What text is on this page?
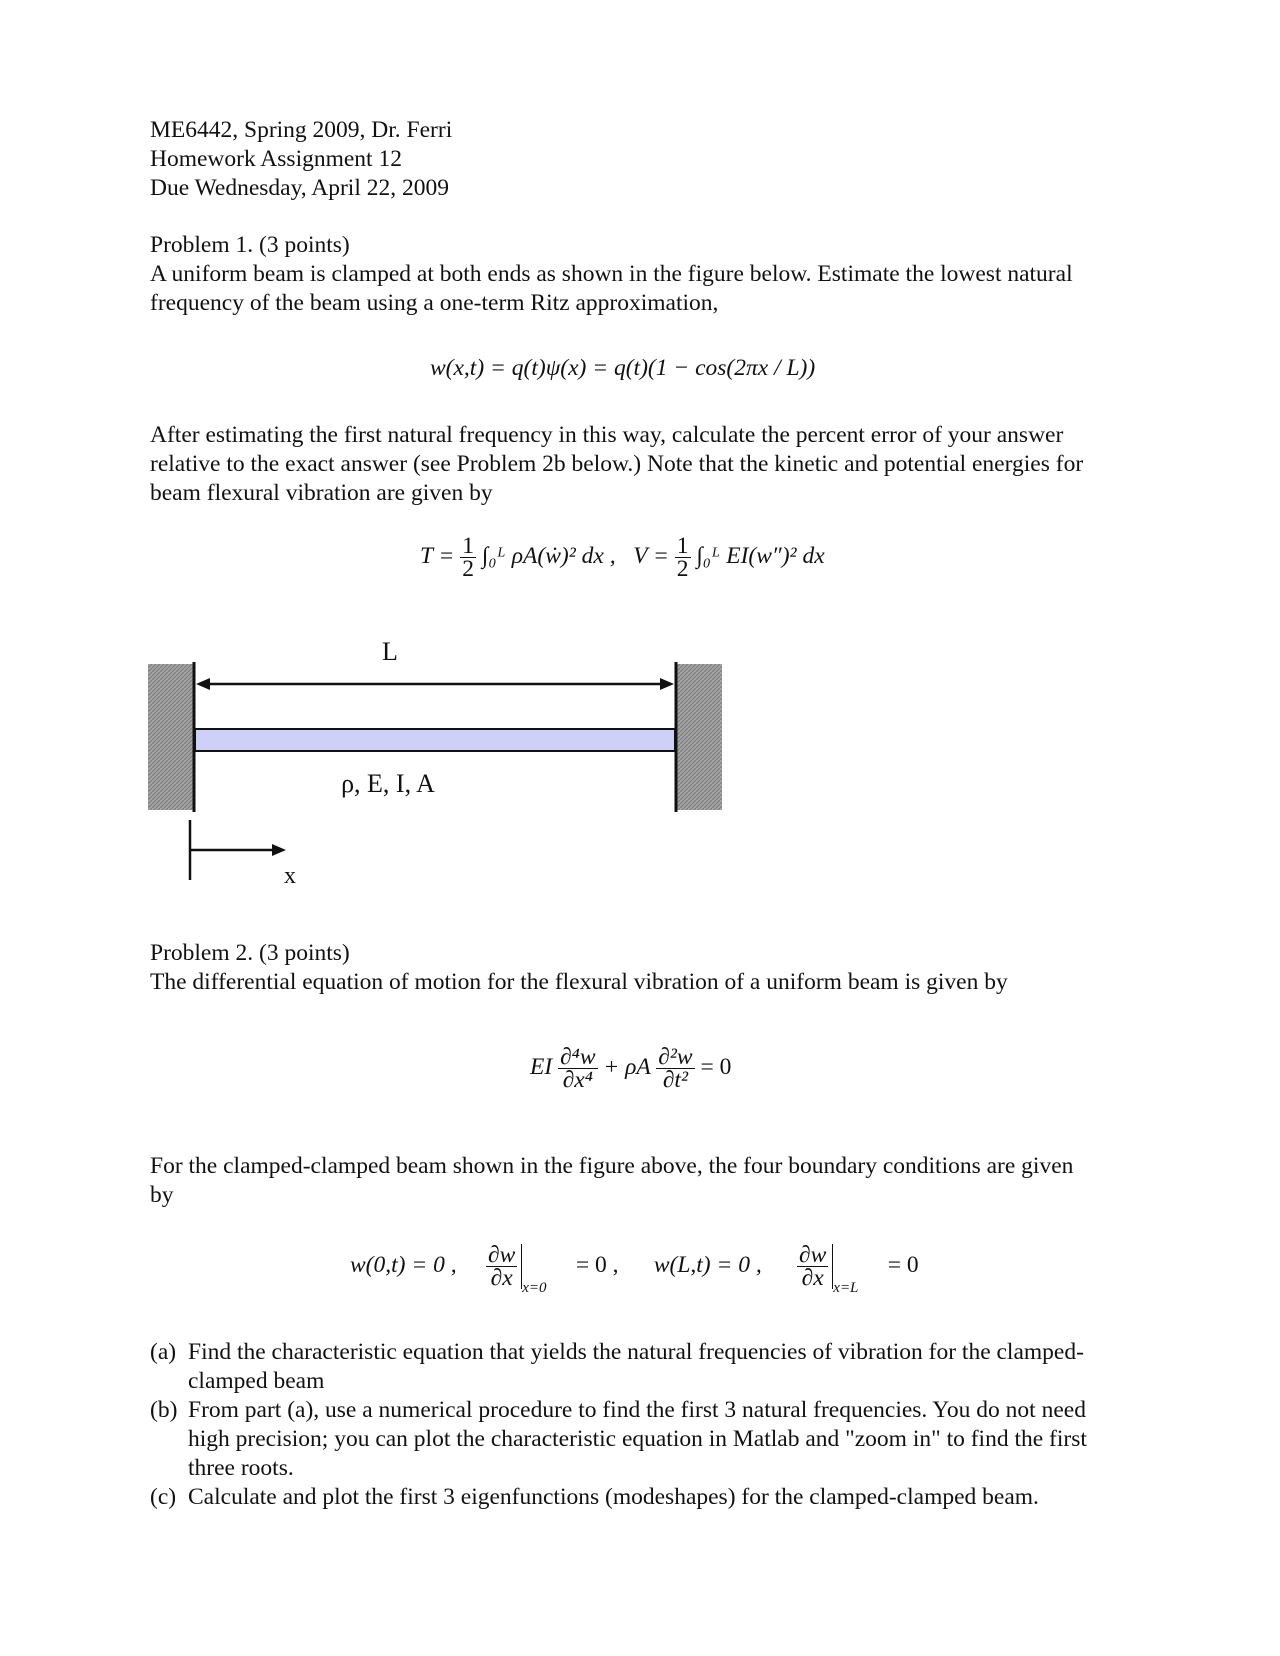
ME6442, Spring 2009, Dr. Ferri
Homework Assignment 12
Due Wednesday, April 22, 2009
Problem 1. (3 points)
A uniform beam is clamped at both ends as shown in the figure below. Estimate the lowest natural
frequency of the beam using a one-term Ritz approximation,
w(x,t) = q(t)ψ(x) = q(t)(1 − cos(2πx / L))
After estimating the first natural frequency in this way, calculate the percent error of your answer
relative to the exact answer (see Problem 2b below.) Note that the kinetic and potential energies for
beam flexural vibration are given by
$T = \frac{1}{2}$ ∫₀ᴸ ρA(ẇ)² dx , $V = \frac{1}{2}$ ∫₀ᴸ EI(w″)² dx
L
ρ, E, I, A
x
Problem 2. (3 points)
The differential equation of motion for the flexural vibration of a uniform beam is given by
EI $\frac{\text{∂⁴w}}{\text{∂x⁴}} + \rho A \frac{\text{∂²w}}{\text{∂t²}} = 0$
For the clamped-clamped beam shown in the figure above, the four boundary conditions are given
by
w(0,t) = 0 , $\frac{\partial w}{\partial x} _{x=0}$     = 0 , w(L,t) = 0 , $\frac{\partial w}{\partial x} _{x=L}$     = 0
(a) Find the characteristic equation that yields the natural frequencies of vibration for the clamped-
clamped beam
(b) From part (a), use a numerical procedure to find the first 3 natural frequencies. You do not need
high precision; you can plot the characteristic equation in Matlab and "zoom in" to find the first
three roots.
(c) Calculate and plot the first 3 eigenfunctions (modeshapes) for the clamped-clamped beam.
